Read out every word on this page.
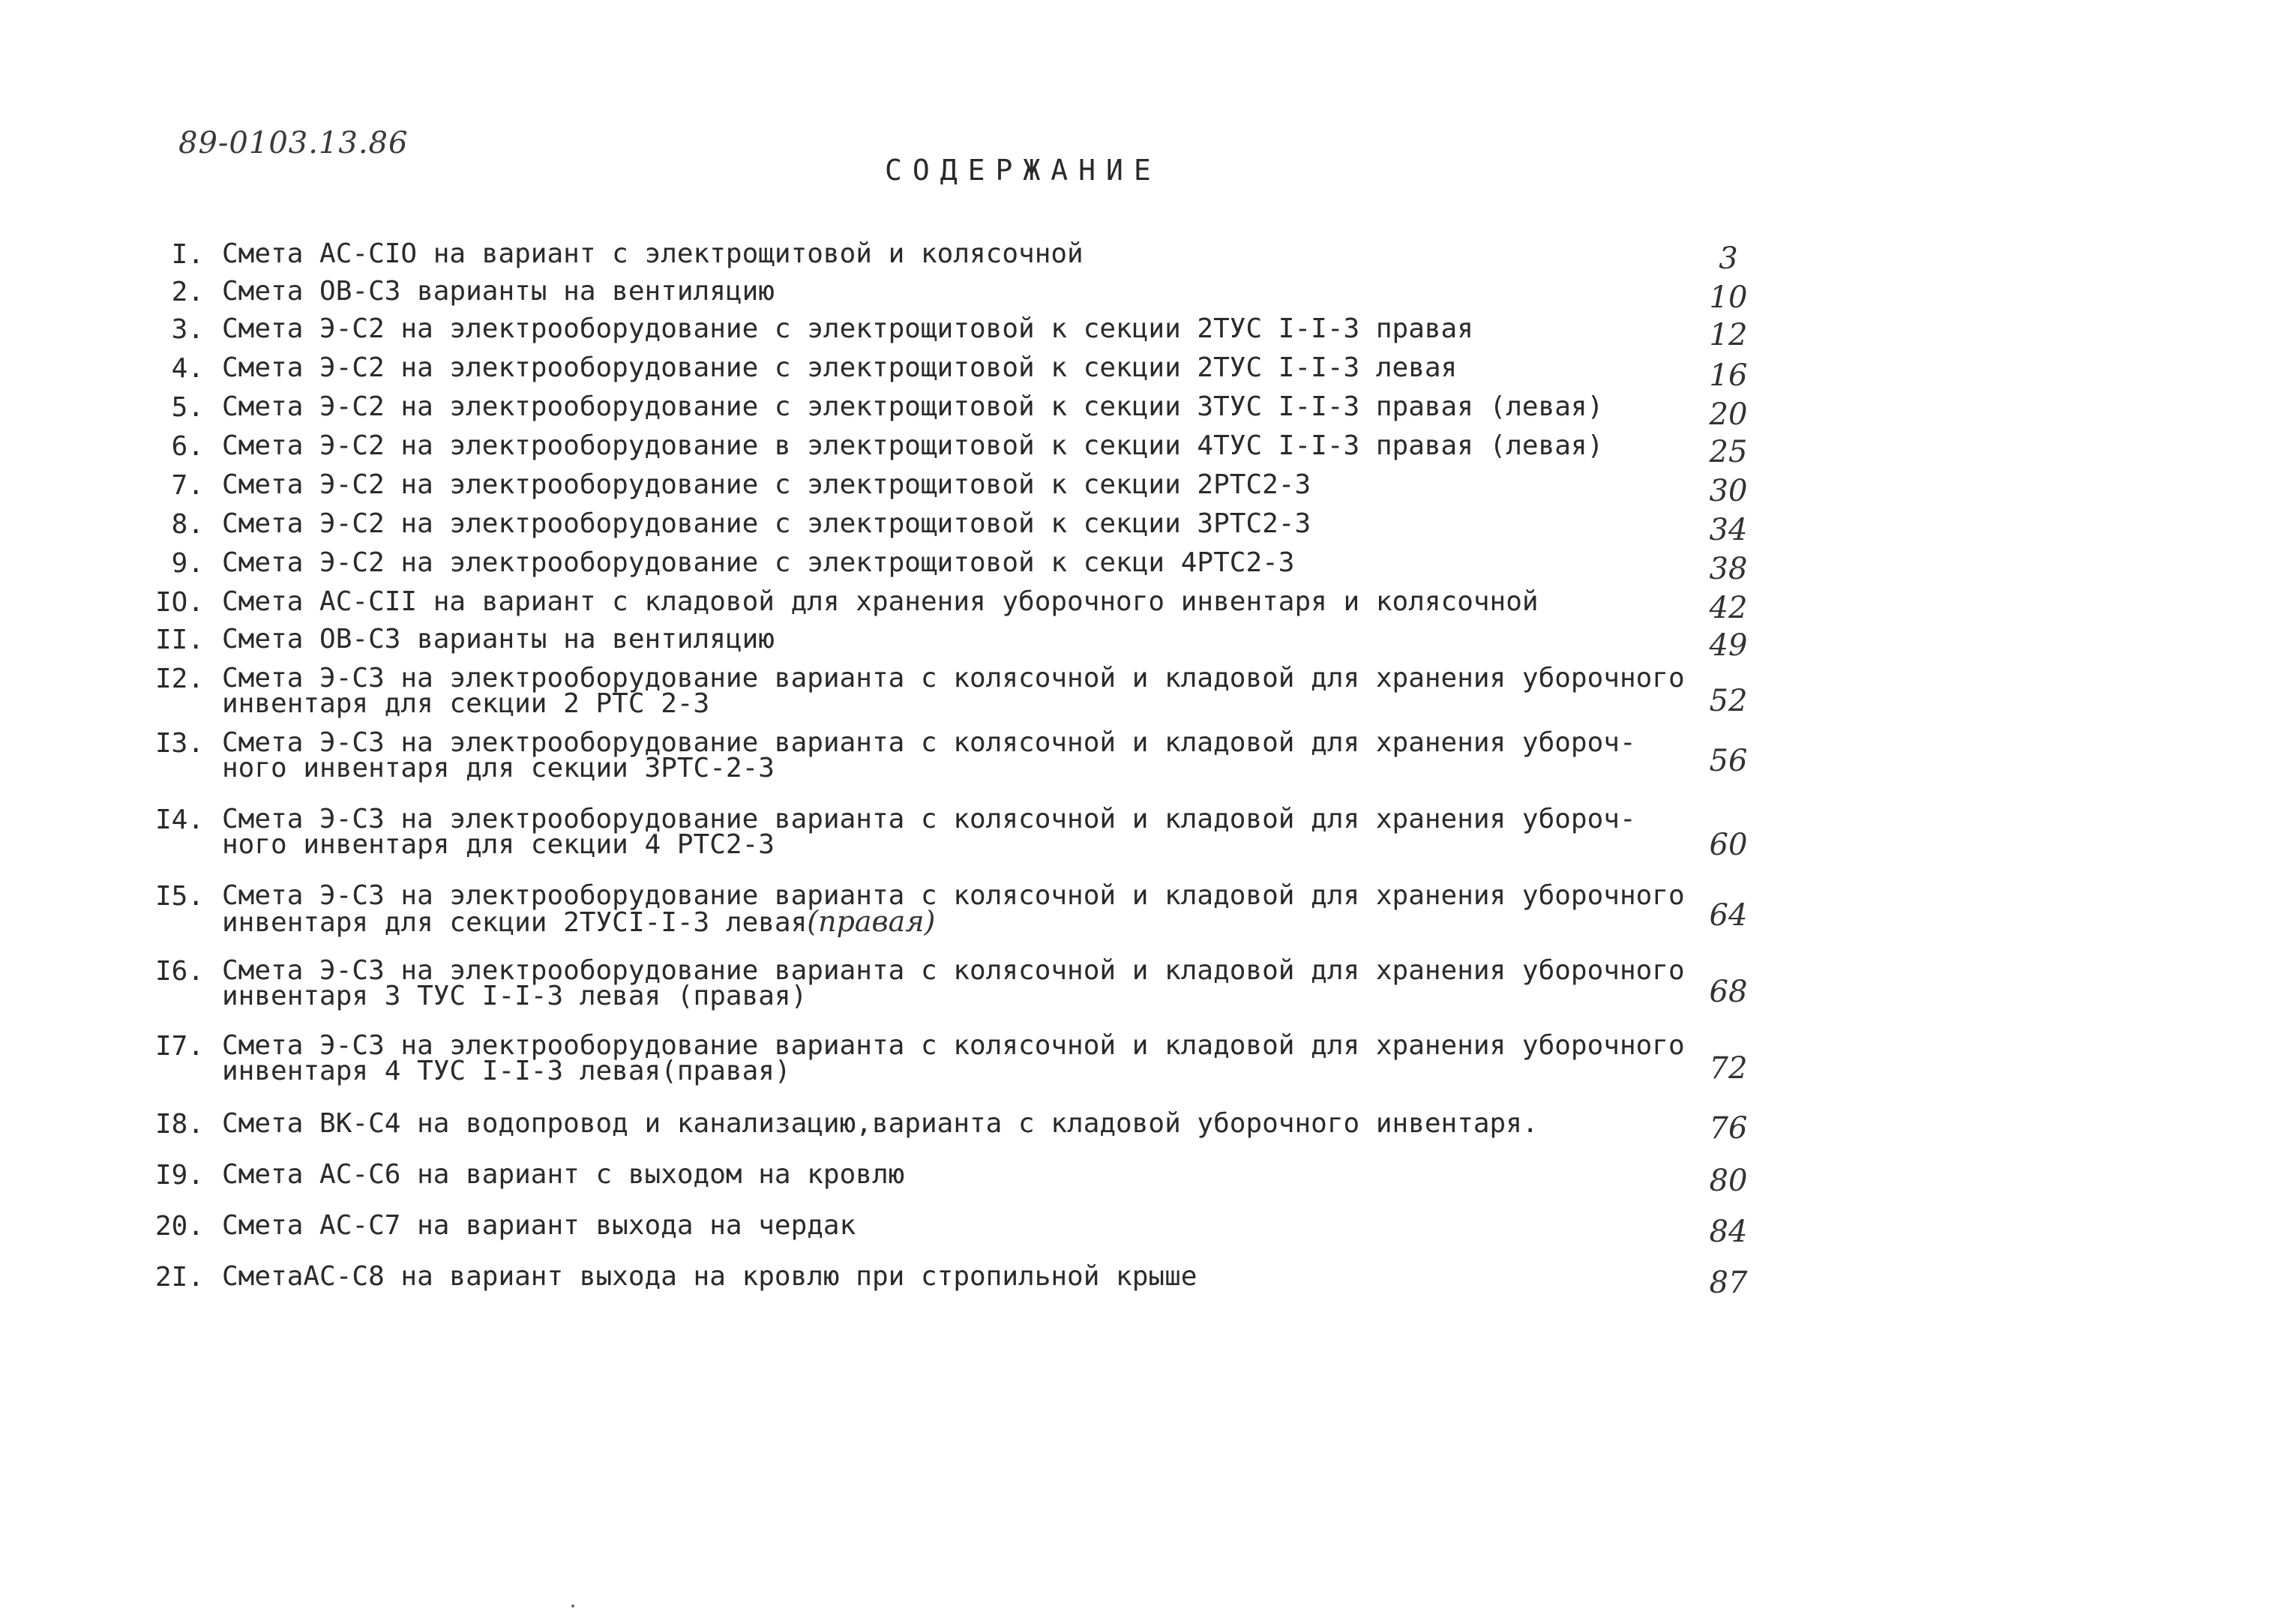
89-0103.13.86
СОДЕРЖАНИЕ
I. Смета АС-СIО на вариант с электрощитовой и колясочной	3
2. Смета ОВ-С3 варианты на вентиляцию	10
3. Смета Э-С2 на электрооборудование с электрощитовой к секции 2ТУС I-I-3 правая	12
4. Смета Э-С2 на электрооборудование с электрощитовой к секции 2ТУС I-I-3 левая	16
5. Смета Э-С2 на электрооборудование с электрощитовой к секции 3ТУС I-I-3 правая (левая)	20
6. Смета Э-С2 на электрооборудование в электрощитовой к секции 4ТУС I-I-3 правая (левая)	25
7. Смета Э-С2 на электрооборудование с электрощитовой к секции 2РТС2-3	30
8. Смета Э-С2 на электрооборудование с электрощитовой к секции 3РТС2-3	34
9. Смета Э-С2 на электрооборудование с электрощитовой к секци 4РТС2-3	38
IО. Смета АС-СII на вариант с кладовой для хранения уборочного инвентаря и колясочной	42
II. Смета ОВ-С3 варианты на вентиляцию	49
I2. Смета Э-С3 на электрооборудование варианта с колясочной и кладовой для хранения уборочного
инвентаря для секции 2 РТС 2-3	52
I3. Смета Э-С3 на электрооборудование варианта с колясочной и кладовой для хранения убороч-
ного инвентаря для секции 3РТС-2-3	56
I4. Смета Э-С3 на электрооборудование варианта с колясочной и кладовой для хранения убороч-
ного инвентаря для секции 4 РТС2-3	60
I5. Смета Э-С3 на электрооборудование варианта с колясочной и кладовой для хранения уборочного
инвентаря для секции 2ТУСI-I-3 левая(правая)	64
I6. Смета Э-С3 на электрооборудование варианта с колясочной и кладовой для хранения уборочного
инвентаря 3 ТУС I-I-3 левая (правая)	68
I7. Смета Э-С3 на электрооборудование варианта с колясочной и кладовой для хранения уборочного
инвентаря 4 ТУС I-I-3 левая(правая)	72
I8. Смета ВК-С4 на водопровод и канализацию,варианта с кладовой уборочного инвентаря.	76
I9. Смета АС-С6 на вариант с выходом на кровлю	80
20. Смета АС-С7 на вариант выхода на чердак	84
2I. СметаАС-С8 на вариант выхода на кровлю при стропильной крыше	87
